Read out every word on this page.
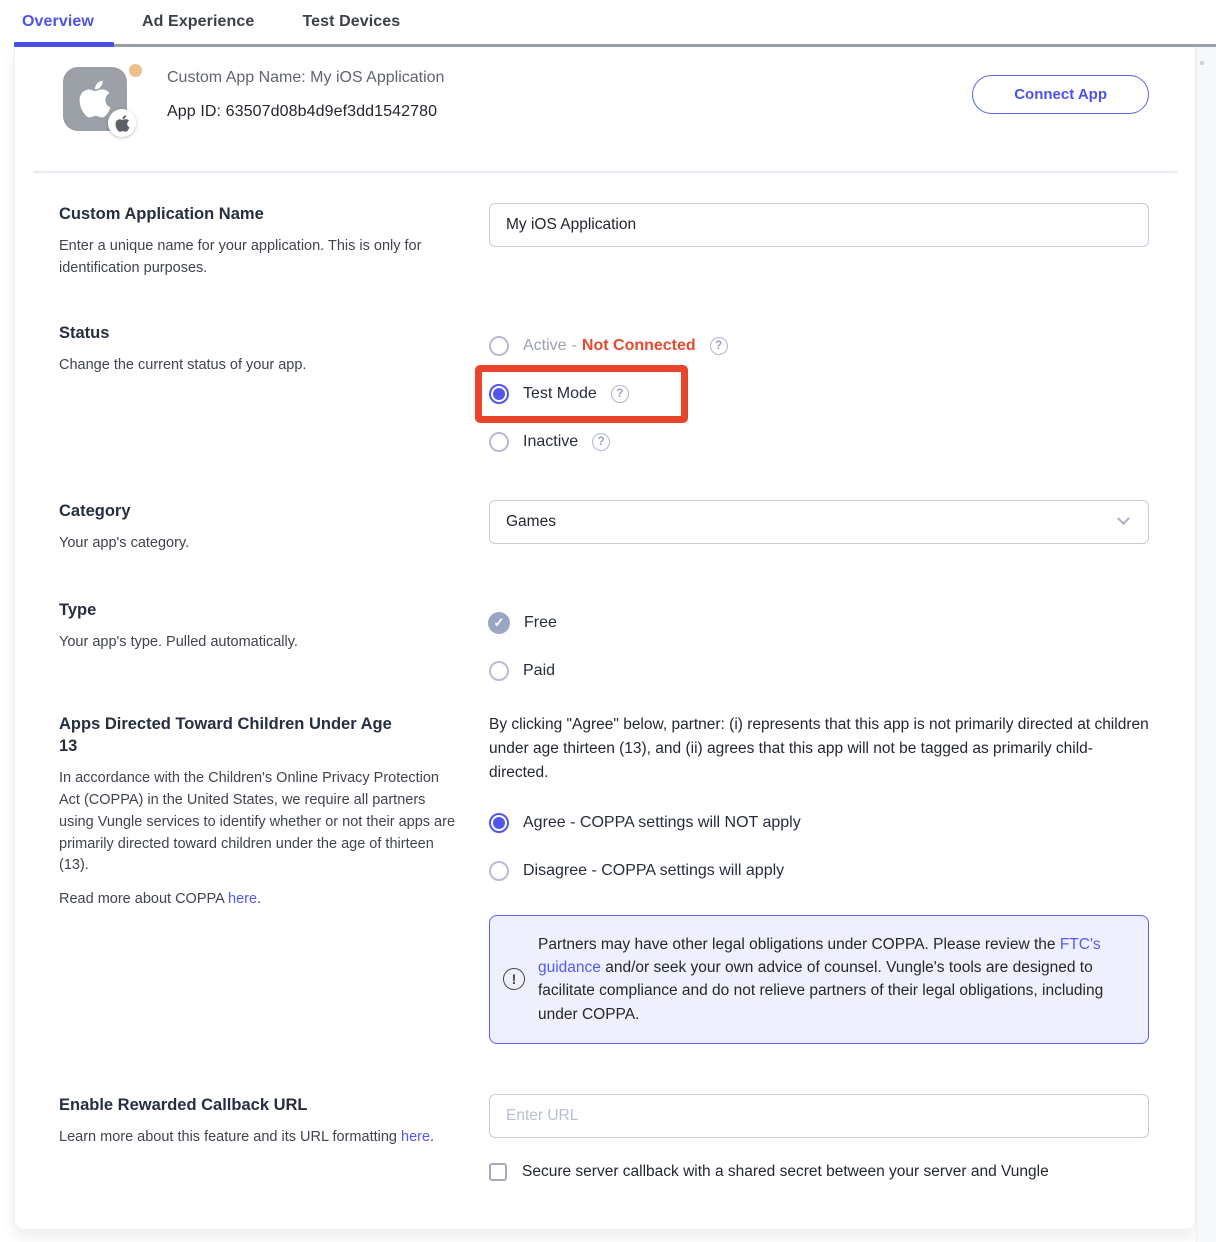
Overview	Ad Experience	Test Devices
Custom App Name: My iOS Application
App ID: 63507d08b4d9ef3dd1542780
Connect App
Custom Application Name
Enter a unique name for your application. This is only for identification purposes.
My iOS Application
Status
Change the current status of your app.
Active - Not Connected	?
Test Mode	?
Inactive	?
Category
Your app's category.
Games
Type
Your app's type. Pulled automatically.
✓	Free
Paid
Apps Directed Toward Children Under Age 13
In accordance with the Children's Online Privacy Protection Act (COPPA) in the United States, we require all partners using Vungle services to identify whether or not their apps are primarily directed toward children under the age of thirteen (13).
Read more about COPPA here.
By clicking "Agree" below, partner: (i) represents that this app is not primarily directed at children under age thirteen (13), and (ii) agrees that this app will not be tagged as primarily child-directed.
Agree - COPPA settings will NOT apply
Disagree - COPPA settings will apply
!
Partners may have other legal obligations under COPPA. Please review the FTC's guidance and/or seek your own advice of counsel. Vungle's tools are designed to facilitate compliance and do not relieve partners of their legal obligations, including under COPPA.
Enable Rewarded Callback URL
Learn more about this feature and its URL formatting here.
Enter URL
Secure server callback with a shared secret between your server and Vungle
